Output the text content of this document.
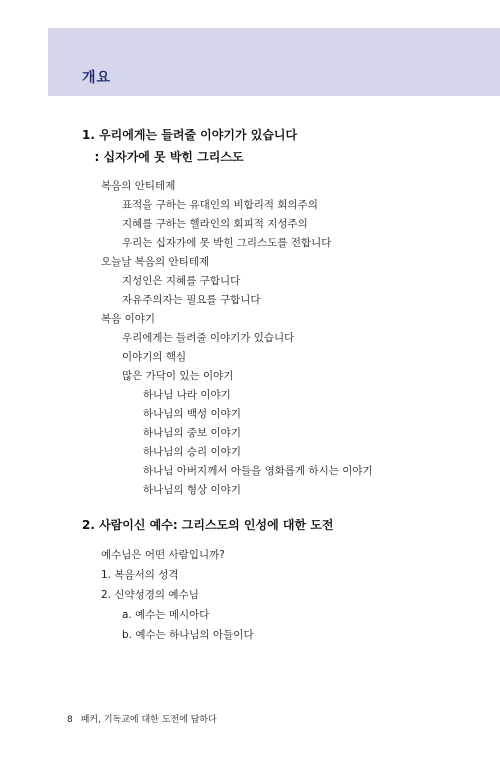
개요
1. 우리에게는 들려줄 이야기가 있습니다
: 십자가에 못 박힌 그리스도
복음의 안티테제
표적을 구하는 유대인의 비합리적 회의주의
지혜를 구하는 헬라인의 회피적 지성주의
우리는 십자가에 못 박힌 그리스도를 전합니다
오늘날 복음의 안티테제
지성인은 지혜를 구합니다
자유주의자는 필요를 구합니다
복음 이야기
우리에게는 들려줄 이야기가 있습니다
이야기의 핵심
많은 가닥이 있는 이야기
하나님 나라 이야기
하나님의 백성 이야기
하나님의 중보 이야기
하나님의 승리 이야기
하나님 아버지께서 아들을 영화롭게 하시는 이야기
하나님의 형상 이야기
2. 사람이신 예수: 그리스도의 인성에 대한 도전
예수님은 어떤 사람입니까?
1. 복음서의 성격
2. 신약성경의 예수님
a. 예수는 메시아다
b. 예수는 하나님의 아들이다
8 패커, 기독교에 대한 도전에 답하다
